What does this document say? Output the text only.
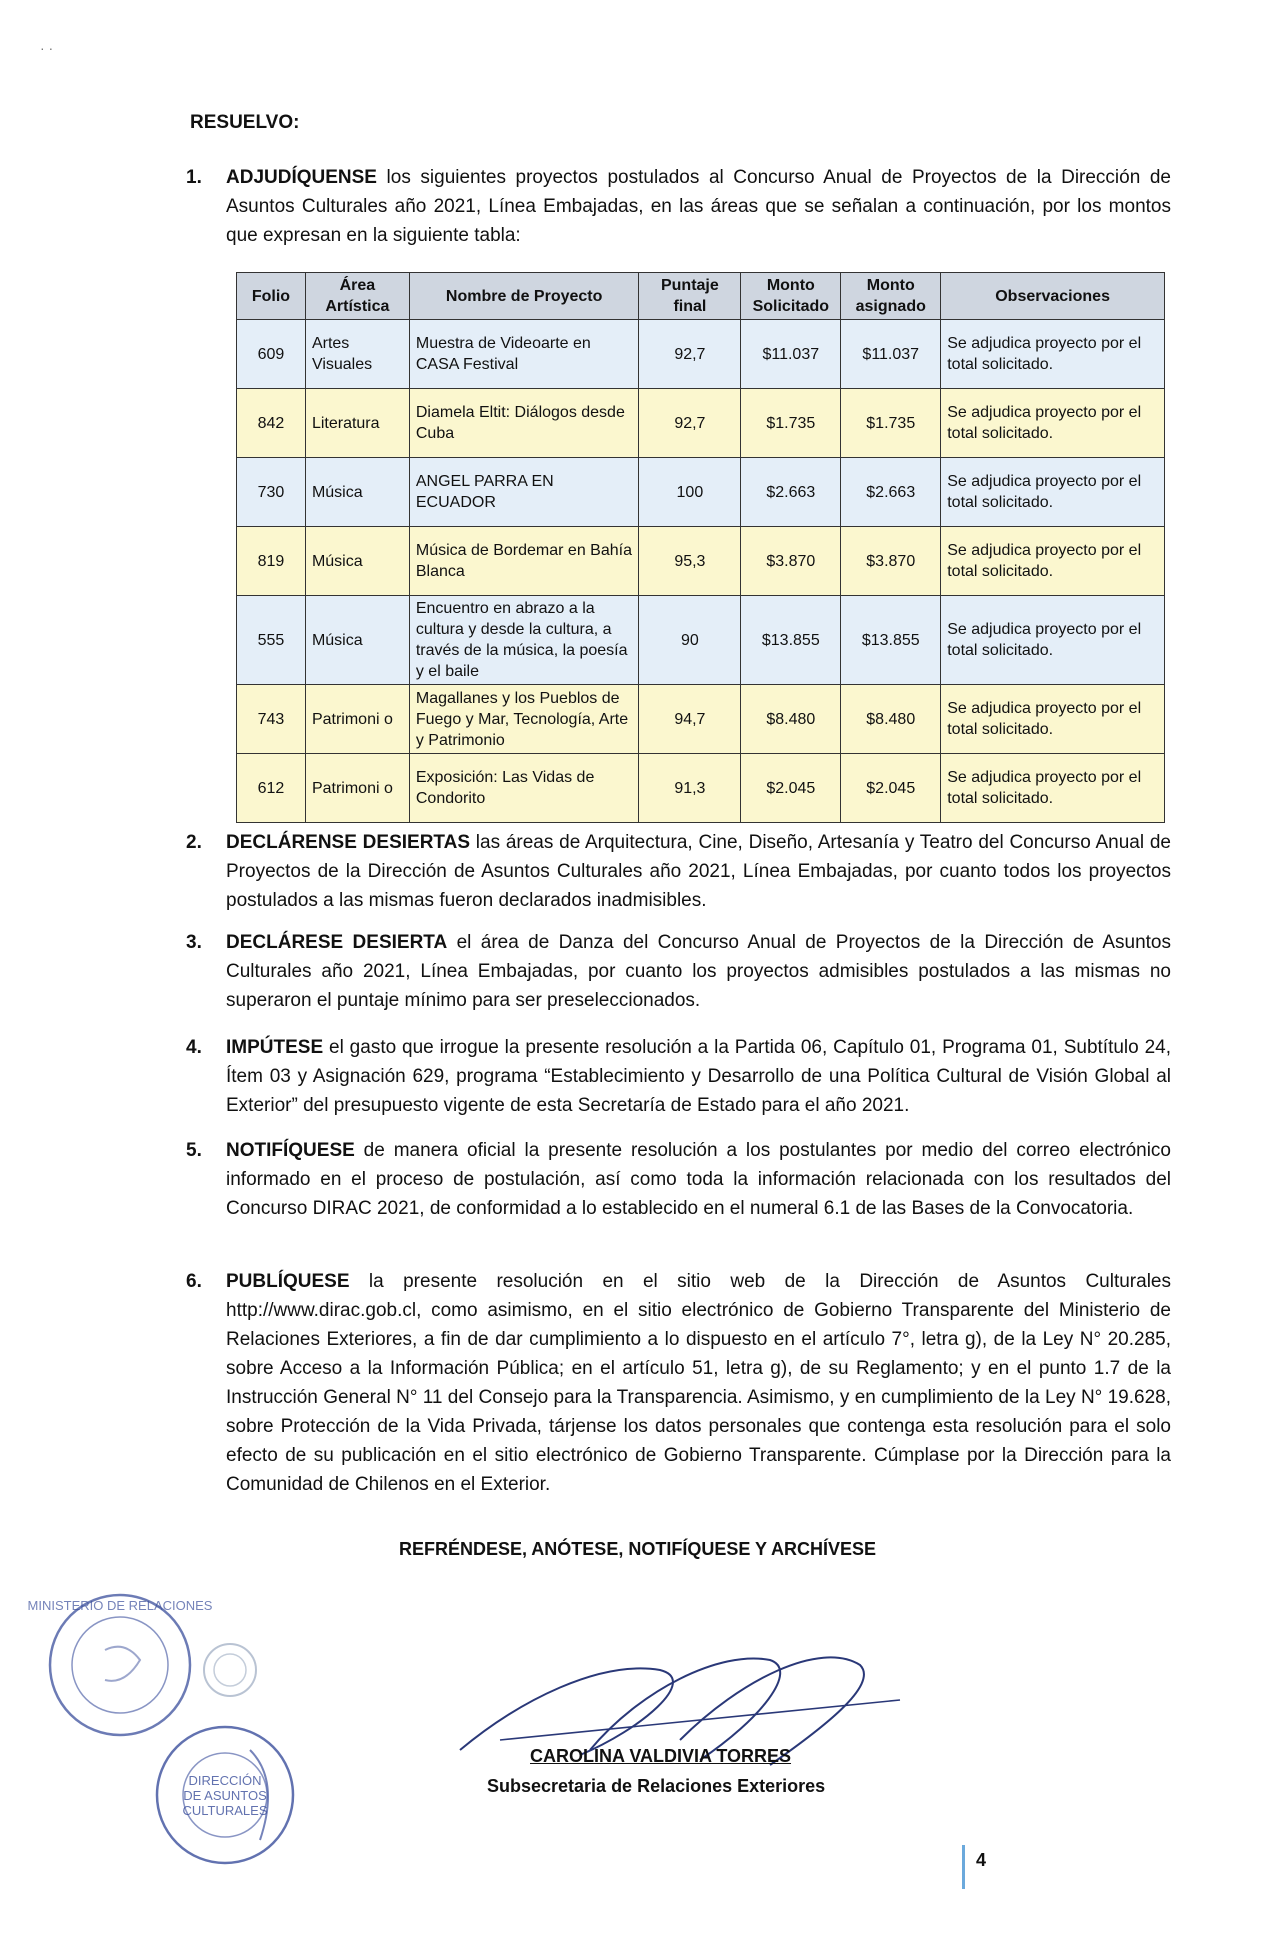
· ·
RESUELVO:
1. ADJUDÍQUENSE los siguientes proyectos postulados al Concurso Anual de Proyectos de la Dirección de Asuntos Culturales año 2021, Línea Embajadas, en las áreas que se señalan a continuación, por los montos que expresan en la siguiente tabla:
Folio	Área Artística	Nombre de Proyecto	Puntaje final	Monto Solicitado	Monto asignado	Observaciones
609	Artes Visuales	Muestra de Videoarte en CASA Festival	92,7	$11.037	$11.037	Se adjudica proyecto por el total solicitado.
842	Literatura	Diamela Eltit: Diálogos desde Cuba	92,7	$1.735	$1.735	Se adjudica proyecto por el total solicitado.
730	Música	ANGEL PARRA EN ECUADOR	100	$2.663	$2.663	Se adjudica proyecto por el total solicitado.
819	Música	Música de Bordemar en Bahía Blanca	95,3	$3.870	$3.870	Se adjudica proyecto por el total solicitado.
555	Música	Encuentro en abrazo a la cultura y desde la cultura, a través de la música, la poesía y el baile	90	$13.855	$13.855	Se adjudica proyecto por el total solicitado.
743	Patrimoni o	Magallanes y los Pueblos de Fuego y Mar, Tecnología, Arte y Patrimonio	94,7	$8.480	$8.480	Se adjudica proyecto por el total solicitado.
612	Patrimoni o	Exposición: Las Vidas de Condorito	91,3	$2.045	$2.045	Se adjudica proyecto por el total solicitado.
2. DECLÁRENSE DESIERTAS las áreas de Arquitectura, Cine, Diseño, Artesanía y Teatro del Concurso Anual de Proyectos de la Dirección de Asuntos Culturales año 2021, Línea Embajadas, por cuanto todos los proyectos postulados a las mismas fueron declarados inadmisibles.
3. DECLÁRESE DESIERTA el área de Danza del Concurso Anual de Proyectos de la Dirección de Asuntos Culturales año 2021, Línea Embajadas, por cuanto los proyectos admisibles postulados a las mismas no superaron el puntaje mínimo para ser preseleccionados.
4. IMPÚTESE el gasto que irrogue la presente resolución a la Partida 06, Capítulo 01, Programa 01, Subtítulo 24, Ítem 03 y Asignación 629, programa “Establecimiento y Desarrollo de una Política Cultural de Visión Global al Exterior” del presupuesto vigente de esta Secretaría de Estado para el año 2021.
5. NOTIFÍQUESE de manera oficial la presente resolución a los postulantes por medio del correo electrónico informado en el proceso de postulación, así como toda la información relacionada con los resultados del Concurso DIRAC 2021, de conformidad a lo establecido en el numeral 6.1 de las Bases de la Convocatoria.
6. PUBLÍQUESE la presente resolución en el sitio web de la Dirección de Asuntos Culturales http://www.dirac.gob.cl, como asimismo, en el sitio electrónico de Gobierno Transparente del Ministerio de Relaciones Exteriores, a fin de dar cumplimiento a lo dispuesto en el artículo 7°, letra g), de la Ley N° 20.285, sobre Acceso a la Información Pública; en el artículo 51, letra g), de su Reglamento; y en el punto 1.7 de la Instrucción General N° 11 del Consejo para la Transparencia. Asimismo, y en cumplimiento de la Ley N° 19.628, sobre Protección de la Vida Privada, tárjense los datos personales que contenga esta resolución para el solo efecto de su publicación en el sitio electrónico de Gobierno Transparente. Cúmplase por la Dirección para la Comunidad de Chilenos en el Exterior.
REFRÉNDESE, ANÓTESE, NOTIFÍQUESE Y ARCHÍVESE
MINISTERIO DE RELACIONES
DIRECCIÓN
DE ASUNTOS
CULTURALES
CAROLINA VALDIVIA TORRES
Subsecretaria de Relaciones Exteriores
4
